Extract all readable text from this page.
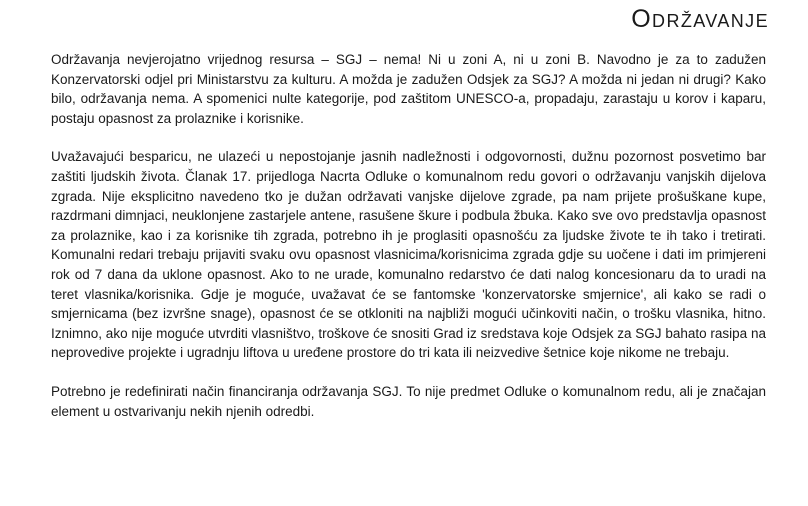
Održavanje

Održavanja nevjerojatno vrijednog resursa – SGJ – nema! Ni u zoni A, ni u zoni B. Navodno je za to zadužen Konzervatorski odjel pri Ministarstvu za kulturu. A možda je zadužen Odsjek za SGJ? A možda ni jedan ni drugi? Kako bilo, održavanja nema. A spomenici nulte kategorije, pod zaštitom UNESCO-a, propadaju, zarastaju u korov i kaparu, postaju opasnost za prolaznike i korisnike.

Uvažavajući besparicu, ne ulazeći u nepostojanje jasnih nadležnosti i odgovornosti, dužnu pozornost posvetimo bar zaštiti ljudskih života. Članak 17. prijedloga Nacrta Odluke o komunalnom redu govori o održavanju vanjskih dijelova zgrada. Nije eksplicitno navedeno tko je dužan održavati vanjske dijelove zgrade, pa nam prijete prošuškane kupe, razdrmani dimnjaci, neuklonjene zastarjele antene, rasušene škure i podbula žbuka. Kako sve ovo predstavlja opasnost za prolaznike, kao i za korisnike tih zgrada, potrebno ih je proglasiti opasnošću za ljudske živote te ih tako i tretirati. Komunalni redari trebaju prijaviti svaku ovu opasnost vlasnicima/korisnicima zgrada gdje su uočene i dati im primjereni rok od 7 dana da uklone opasnost. Ako to ne urade, komunalno redarstvo će dati nalog koncesionaru da to uradi na teret vlasnika/korisnika. Gdje je moguće, uvažavat će se fantomske 'konzervatorske smjernice', ali kako se radi o smjernicama (bez izvršne snage), opasnost će se otkloniti na najbliži mogući učinkoviti način, o trošku vlasnika, hitno. Iznimno, ako nije moguće utvrditi vlasništvo, troškove će snositi Grad iz sredstava koje Odsjek za SGJ bahato rasipa na neprovedive projekte i ugradnju liftova u uređene prostore do tri kata ili neizvedive šetnice koje nikome ne trebaju.

Potrebno je redefinirati način financiranja održavanja SGJ. To nije predmet Odluke o komunalnom redu, ali je značajan element u ostvarivanju nekih njenih odredbi.
